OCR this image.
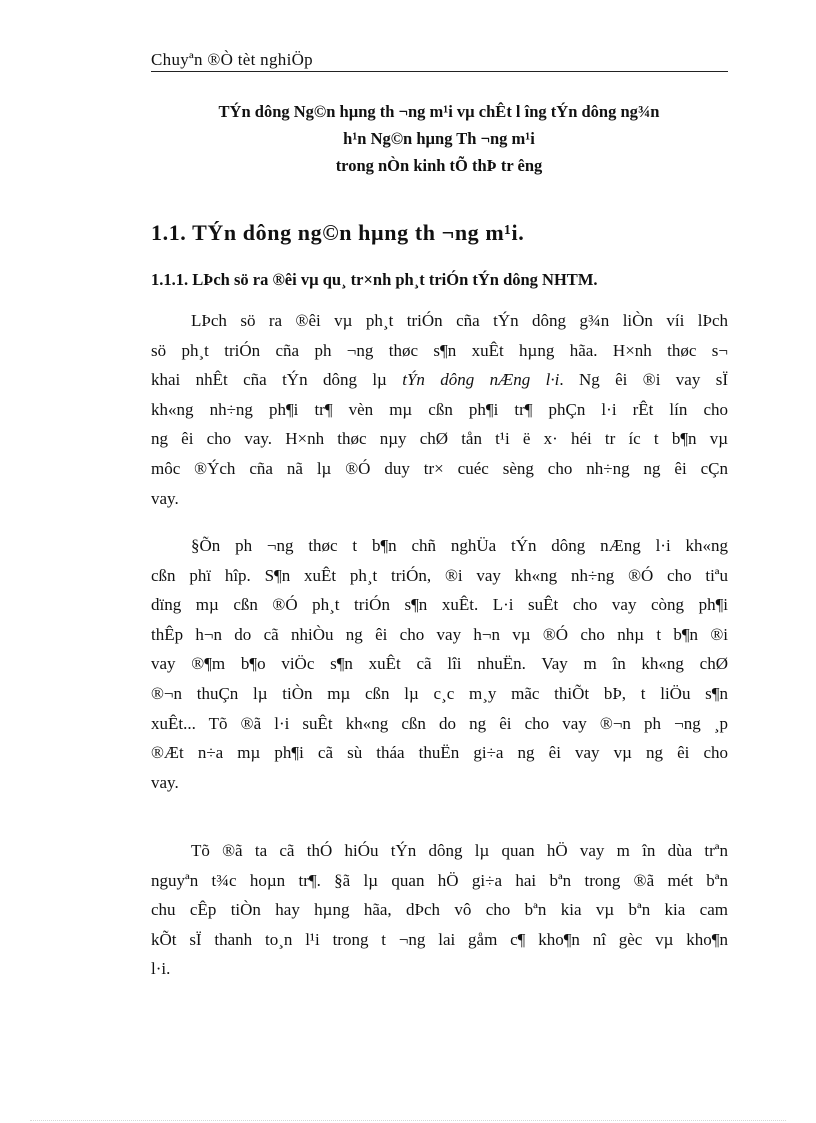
Chuyªn ®Ò tèt nghiÖp
TÝn dông Ng©n hµng th ¬ng m¹i vµ chÊt l îng tÝn dông ng¾n
h¹n Ng©n hµng Th ¬ng m¹i
trong nÒn kinh tÕ thÞ tr êng
1.1. TÝn dông ng©n hµng th ¬ng m¹i.
1.1.1. LÞch sö ra ®êi vµ qu¸ tr×nh ph¸t triÓn tÝn dông NHTM.
LÞch sö ra ®êi vµ ph¸t triÓn cña tÝn dông g¾n liÒn víi lÞch
sö ph¸t triÓn cña ph ¬ng thøc s¶n xuÊt hµng hãa. H×nh thøc s¬
khai nhÊt cña tÝn dông lµ tÝn dông nÆng l·i. Ng êi ®i vay sÏ
kh«ng nh÷ng ph¶i tr¶ vèn mµ cßn ph¶i tr¶ phÇn l·i rÊt lín cho
ng êi cho vay. H×nh thøc nµy chØ tån t¹i ë x· héi tr íc t b¶n vµ
môc ®Ých cña nã lµ ®Ó duy tr× cuéc sèng cho nh÷ng ng êi cÇn
vay.
§Õn ph ¬ng thøc t b¶n chñ nghÜa tÝn dông nÆng l·i kh«ng
cßn phï hîp. S¶n xuÊt ph¸t triÓn, ®i vay kh«ng nh÷ng ®Ó cho tiªu
dïng mµ cßn ®Ó ph¸t triÓn s¶n xuÊt. L·i suÊt cho vay còng ph¶i
thÊp h¬n do cã nhiÒu ng êi cho vay h¬n vµ ®Ó cho nhµ t b¶n ®i
vay ®¶m b¶o viÖc s¶n xuÊt cã lîi nhuËn. Vay m în kh«ng chØ
®¬n thuÇn lµ tiÒn mµ cßn lµ c¸c m¸y mãc thiÕt bÞ, t liÖu s¶n
xuÊt... Tõ ®ã l·i suÊt kh«ng cßn do ng êi cho vay ®¬n ph ¬ng ¸p
®Æt n÷a mµ ph¶i cã sù tháa thuËn gi÷a ng êi vay vµ ng êi cho
vay.
Tõ ®ã ta cã thÓ hiÓu tÝn dông lµ quan hÖ vay m în dùa trªn
nguyªn t¾c hoµn tr¶. §ã lµ quan hÖ gi÷a hai bªn trong ®ã mét bªn
chu cÊp tiÒn hay hµng hãa, dÞch vô cho bªn kia vµ bªn kia cam
kÕt sÏ thanh to¸n l¹i trong t ¬ng lai gåm c¶ kho¶n nî gèc vµ kho¶n
l·i.
